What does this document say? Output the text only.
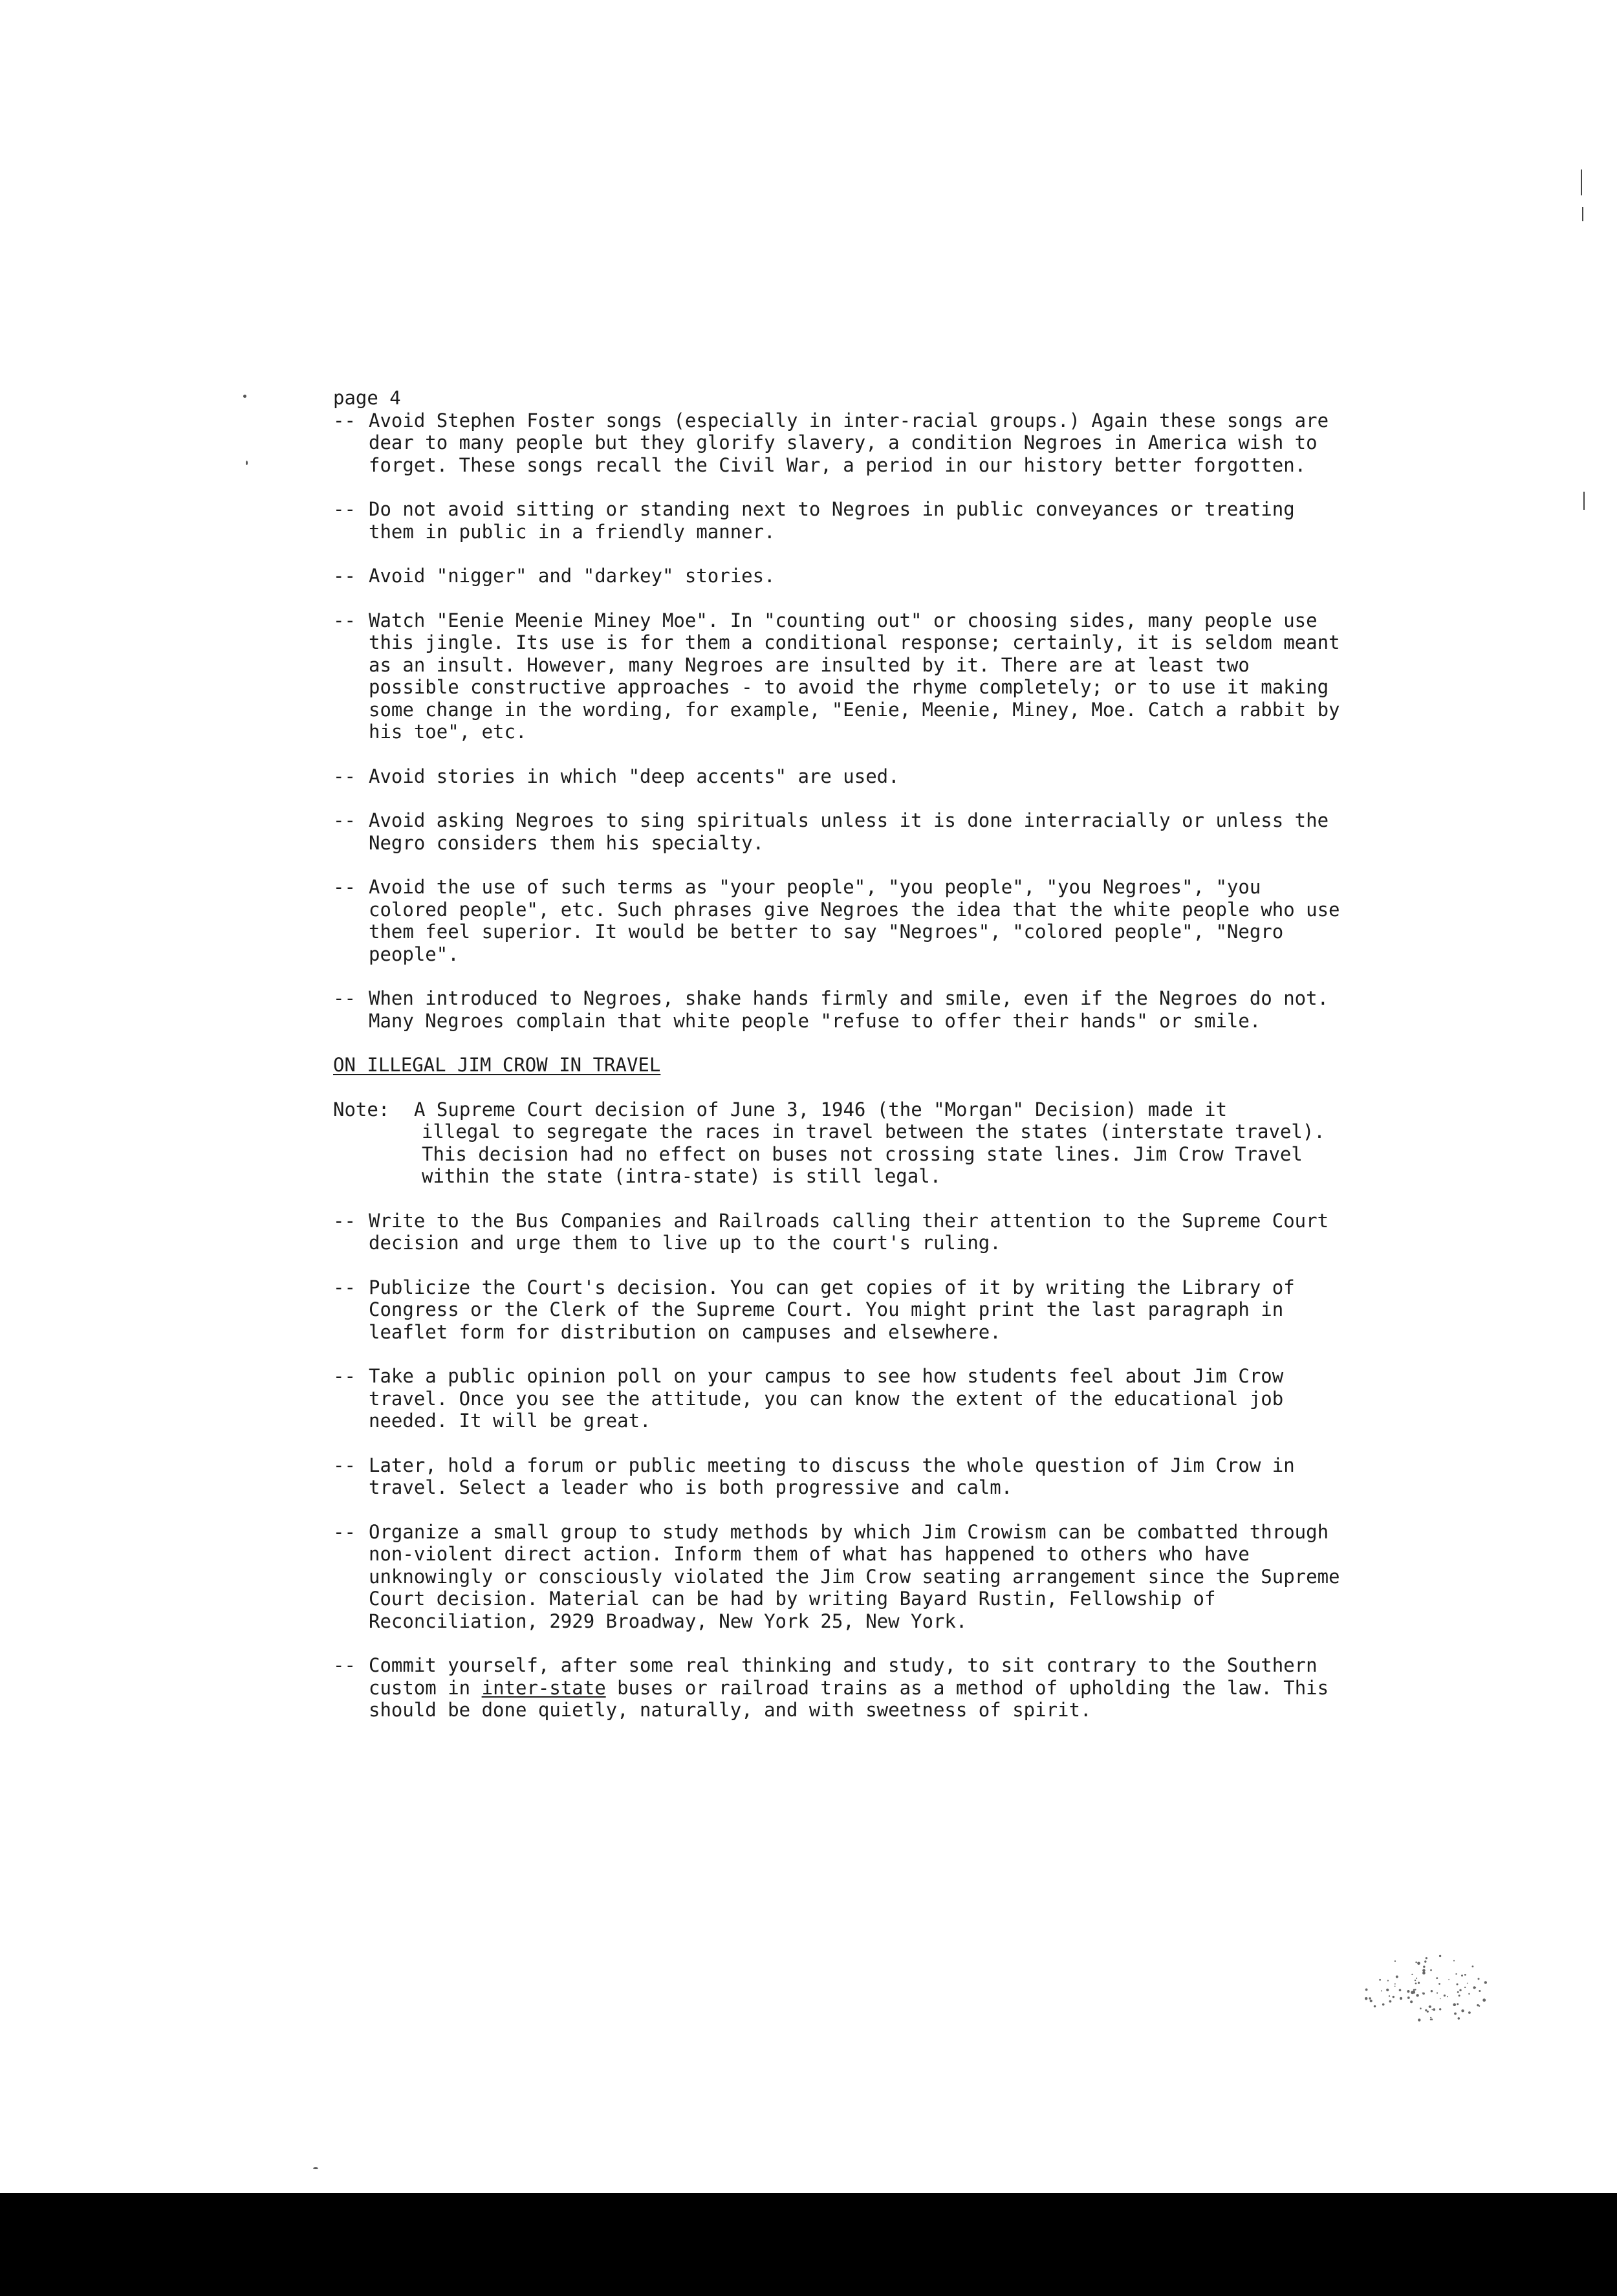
page 4
-- Avoid Stephen Foster songs (especially in inter-racial groups.) Again these songs are dear to many people but they glorify slavery, a condition Negroes in America wish to forget. These songs recall the Civil War, a period in our history better forgotten.
-- Do not avoid sitting or standing next to Negroes in public conveyances or treating them in public in a friendly manner.
-- Avoid "nigger" and "darkey" stories.
-- Watch "Eenie Meenie Miney Moe". In "counting out" or choosing sides, many people use this jingle. Its use is for them a conditional response; certainly, it is seldom meant as an insult. However, many Negroes are insulted by it. There are at least two possible constructive approaches - to avoid the rhyme completely; or to use it making some change in the wording, for example, "Eenie, Meenie, Miney, Moe. Catch a rabbit by his toe", etc.
-- Avoid stories in which "deep accents" are used.
-- Avoid asking Negroes to sing spirituals unless it is done interracially or unless the Negro considers them his specialty.
-- Avoid the use of such terms as "your people", "you people", "you Negroes", "you colored people", etc. Such phrases give Negroes the idea that the white people who use them feel superior. It would be better to say "Negroes", "colored people", "Negro people".
-- When introduced to Negroes, shake hands firmly and smile, even if the Negroes do not. Many Negroes complain that white people "refuse to offer their hands" or smile.
ON ILLEGAL JIM CROW IN TRAVEL
Note:	A Supreme Court decision of June 3, 1946 (the "Morgan" Decision) made it
illegal to segregate the races in travel between the states (interstate travel). This decision had no effect on buses not crossing state lines. Jim Crow Travel within the state (intra-state) is still legal.
-- Write to the Bus Companies and Railroads calling their attention to the Supreme Court decision and urge them to live up to the court's ruling.
-- Publicize the Court's decision. You can get copies of it by writing the Library of Congress or the Clerk of the Supreme Court. You might print the last paragraph in leaflet form for distribution on campuses and elsewhere.
-- Take a public opinion poll on your campus to see how students feel about Jim Crow travel. Once you see the attitude, you can know the extent of the educational job needed. It will be great.
-- Later, hold a forum or public meeting to discuss the whole question of Jim Crow in travel. Select a leader who is both progressive and calm.
-- Organize a small group to study methods by which Jim Crowism can be combatted through non-violent direct action. Inform them of what has happened to others who have unknowingly or consciously violated the Jim Crow seating arrangement since the Supreme Court decision. Material can be had by writing Bayard Rustin, Fellowship of Reconciliation, 2929 Broadway, New York 25, New York.
-- Commit yourself, after some real thinking and study, to sit contrary to the Southern custom in inter-state buses or railroad trains as a method of upholding the law. This should be done quietly, naturally, and with sweetness of spirit.
